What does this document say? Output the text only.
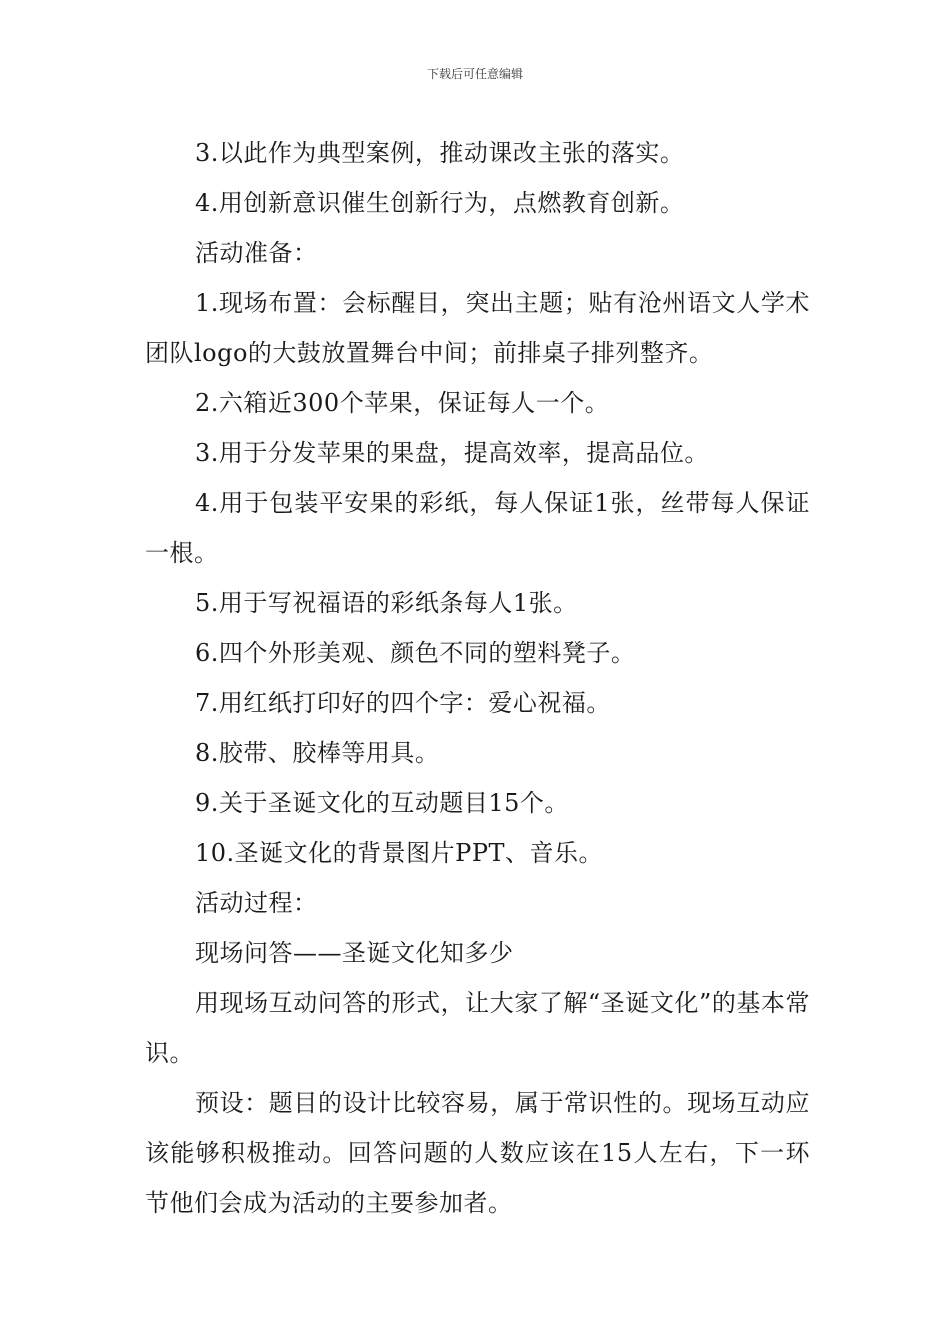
下载后可任意编辑

3.以此作为典型案例，推动课改主张的落实。

4.用创新意识催生创新行为，点燃教育创新。

活动准备：

1.现场布置：会标醒目，突出主题；贴有沧州语文人学术团队logo的大鼓放置舞台中间；前排桌子排列整齐。

2.六箱近300个苹果，保证每人一个。

3.用于分发苹果的果盘，提高效率，提高品位。

4.用于包装平安果的彩纸，每人保证1张，丝带每人保证一根。

5.用于写祝福语的彩纸条每人1张。

6.四个外形美观、颜色不同的塑料凳子。

7.用红纸打印好的四个字：爱心祝福。

8.胶带、胶棒等用具。

9.关于圣诞文化的互动题目15个。

10.圣诞文化的背景图片PPT、音乐。

活动过程：

现场问答——圣诞文化知多少

用现场互动问答的形式，让大家了解“圣诞文化”的基本常识。

预设：题目的设计比较容易，属于常识性的。现场互动应该能够积极推动。回答问题的人数应该在15人左右，下一环节他们会成为活动的主要参加者。
